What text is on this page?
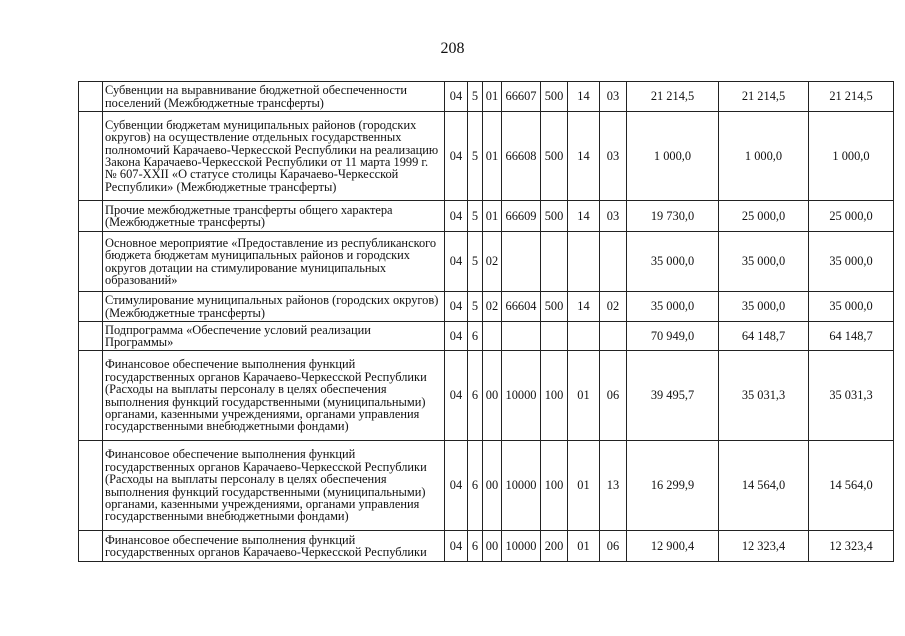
208
	Субвенции на выравнивание бюджетной обеспеченности поселений (Межбюджетные трансферты)	04	5	01	66607	500	14	03	21 214,5	21 214,5	21 214,5
	Субвенции бюджетам муниципальных районов (городских округов) на осуществление отдельных государственных полномочий Карачаево-Черкесской Республики на реализацию Закона Карачаево-Черкесской Республики от 11 марта 1999 г. № 607-XXII «О статусе столицы Карачаево-Черкесской Республики» (Межбюджетные трансферты)	04	5	01	66608	500	14	03	1 000,0	1 000,0	1 000,0
	Прочие межбюджетные трансферты общего характера (Межбюджетные трансферты)	04	5	01	66609	500	14	03	19 730,0	25 000,0	25 000,0
	Основное мероприятие «Предоставление из республиканского бюджета бюджетам муниципальных районов и городских округов дотации на стимулирование муниципальных образований»	04	5	02					35 000,0	35 000,0	35 000,0
	Стимулирование муниципальных районов (городских округов) (Межбюджетные трансферты)	04	5	02	66604	500	14	02	35 000,0	35 000,0	35 000,0
	Подпрограмма «Обеспечение условий реализации Программы»	04	6						70 949,0	64 148,7	64 148,7
	Финансовое обеспечение выполнения функций государственных органов Карачаево-Черкесской Республики (Расходы на выплаты персоналу в целях обеспечения выполнения функций государственными (муниципальными) органами, казенными учреждениями, органами управления государственными внебюджетными фондами)	04	6	00	10000	100	01	06	39 495,7	35 031,3	35 031,3
	Финансовое обеспечение выполнения функций государственных органов Карачаево-Черкесской Республики (Расходы на выплаты персоналу в целях обеспечения выполнения функций государственными (муниципальными) органами, казенными учреждениями, органами управления государственными внебюджетными фондами)	04	6	00	10000	100	01	13	16 299,9	14 564,0	14 564,0
	Финансовое обеспечение выполнения функций государственных органов Карачаево-Черкесской Республики	04	6	00	10000	200	01	06	12 900,4	12 323,4	12 323,4
